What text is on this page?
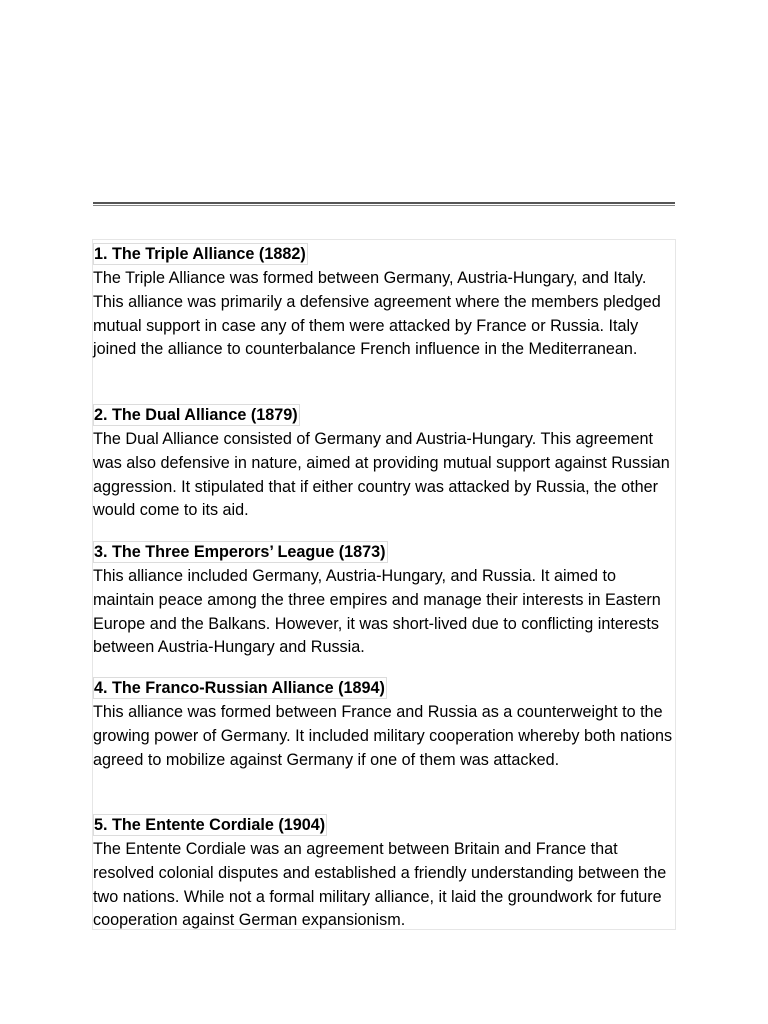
1. The Triple Alliance (1882)

The Triple Alliance was formed between Germany, Austria-Hungary, and Italy. This alliance was primarily a defensive agreement where the members pledged mutual support in case any of them were attacked by France or Russia. Italy joined the alliance to counterbalance French influence in the Mediterranean.

2. The Dual Alliance (1879)

The Dual Alliance consisted of Germany and Austria-Hungary. This agreement was also defensive in nature, aimed at providing mutual support against Russian aggression. It stipulated that if either country was attacked by Russia, the other would come to its aid.

3. The Three Emperors’ League (1873)

This alliance included Germany, Austria-Hungary, and Russia. It aimed to maintain peace among the three empires and manage their interests in Eastern Europe and the Balkans. However, it was short-lived due to conflicting interests between Austria-Hungary and Russia.

4. The Franco-Russian Alliance (1894)

This alliance was formed between France and Russia as a counterweight to the growing power of Germany. It included military cooperation whereby both nations agreed to mobilize against Germany if one of them was attacked.

5. The Entente Cordiale (1904)

The Entente Cordiale was an agreement between Britain and France that resolved colonial disputes and established a friendly understanding between the two nations. While not a formal military alliance, it laid the groundwork for future cooperation against German expansionism.
